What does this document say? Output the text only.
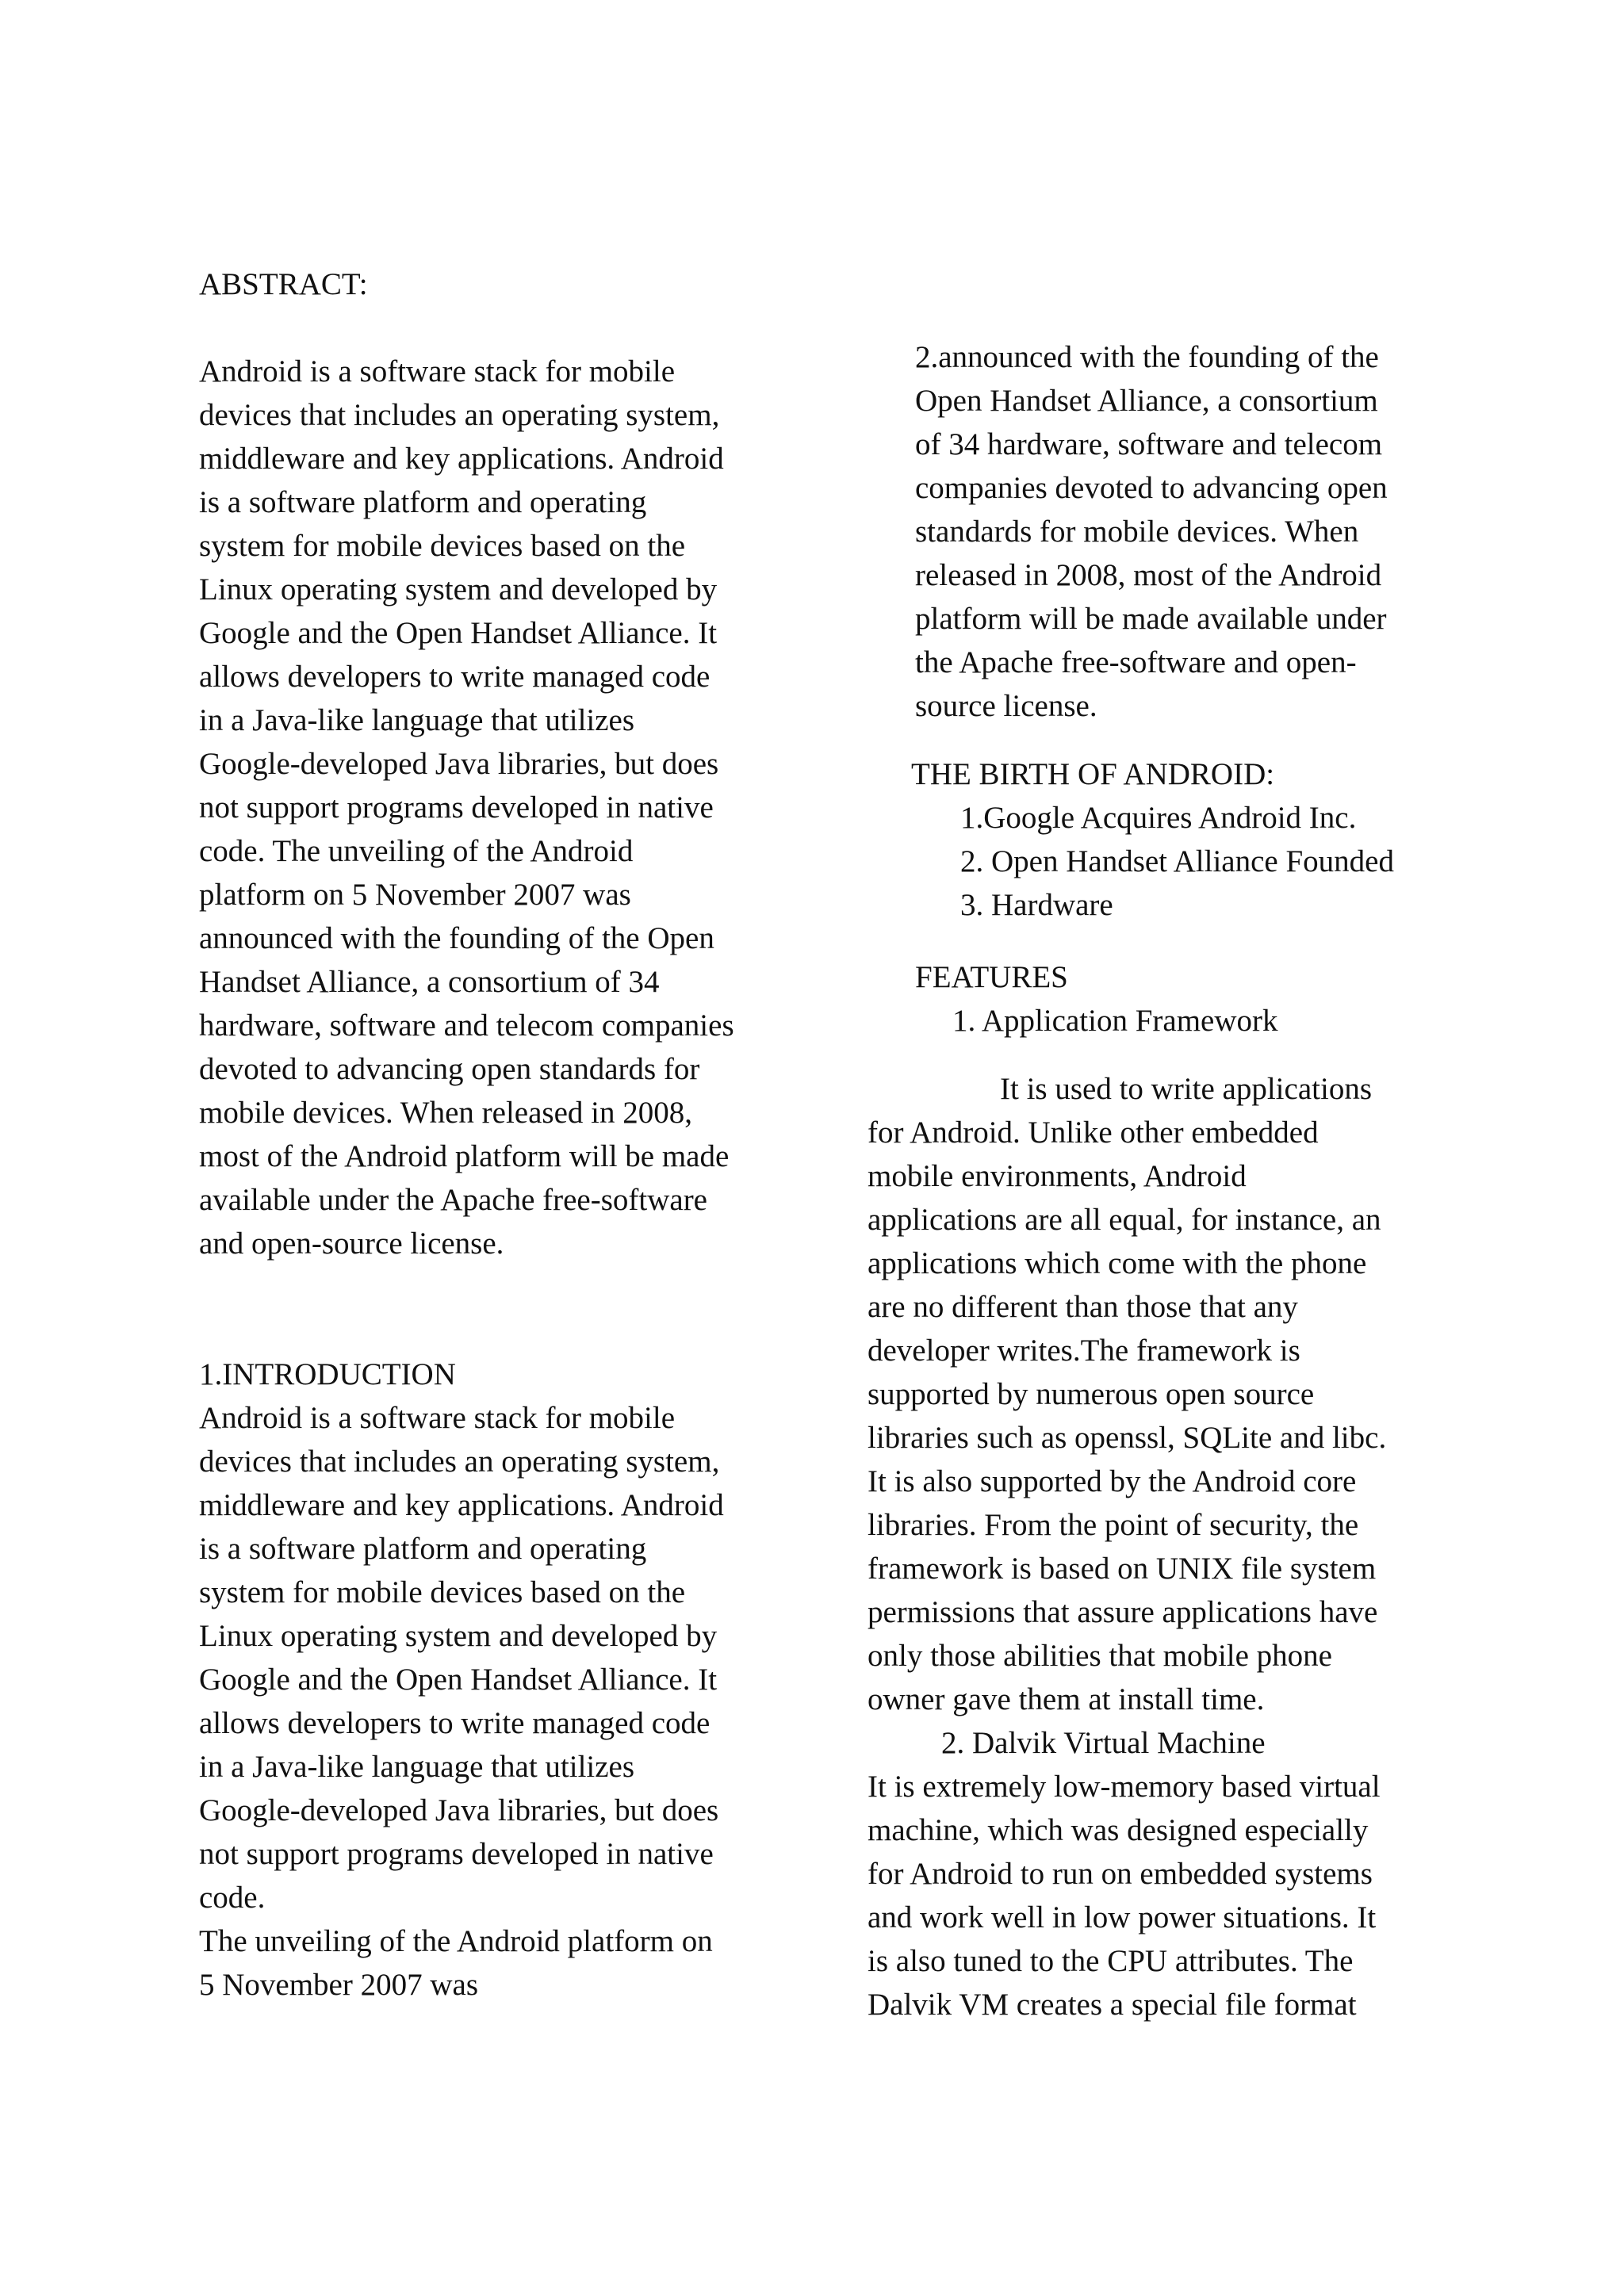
ABSTRACT:
Android is a software stack for mobile
devices that includes an operating system,
middleware and key applications. Android
is a software platform and operating
system for mobile devices based on the
Linux operating system and developed by
Google and the Open Handset Alliance. It
allows developers to write managed code
in a Java-like language that utilizes
Google-developed Java libraries, but does
not support programs developed in native
code. The unveiling of the Android
platform on 5 November 2007 was
announced with the founding of the Open
Handset Alliance, a consortium of 34
hardware, software and telecom companies
devoted to advancing open standards for
mobile devices. When released in 2008,
most of the Android platform will be made
available under the Apache free-software
and open-source license.
1.INTRODUCTION
Android is a software stack for mobile
devices that includes an operating system,
middleware and key applications. Android
is a software platform and operating
system for mobile devices based on the
Linux operating system and developed by
Google and the Open Handset Alliance. It
allows developers to write managed code
in a Java-like language that utilizes
Google-developed Java libraries, but does
not support programs developed in native
code.
The unveiling of the Android platform on
5 November 2007 was
2.announced with the founding of the
Open Handset Alliance, a consortium
of 34 hardware, software and telecom
companies devoted to advancing open
standards for mobile devices. When
released in 2008, most of the Android
platform will be made available under
the Apache free-software and open-
source license.
THE BIRTH OF ANDROID:
1.Google Acquires Android Inc.
2. Open Handset Alliance Founded
3. Hardware
FEATURES
1. Application Framework
It is used to write applications
for Android. Unlike other embedded
mobile environments, Android
applications are all equal, for instance, an
applications which come with the phone
are no different than those that any
developer writes.The framework is
supported by numerous open source
libraries such as openssl, SQLite and libc.
It is also supported by the Android core
libraries. From the point of security, the
framework is based on UNIX file system
permissions that assure applications have
only those abilities that mobile phone
owner gave them at install time.
2. Dalvik Virtual Machine
It is extremely low-memory based virtual
machine, which was designed especially
for Android to run on embedded systems
and work well in low power situations. It
is also tuned to the CPU attributes. The
Dalvik VM creates a special file format
